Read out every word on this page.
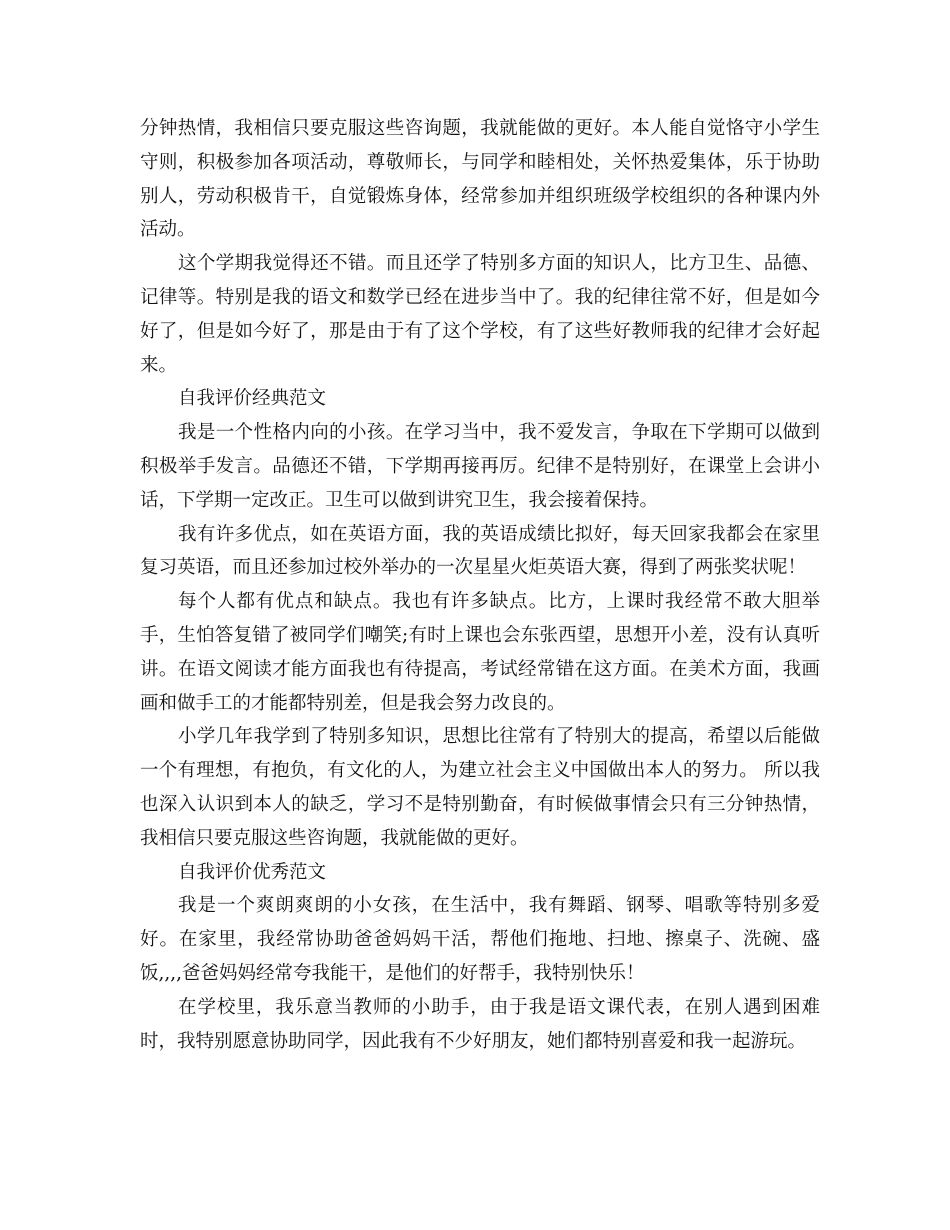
分钟热情，我相信只要克服这些咨询题，我就能做的更好。本人能自觉恪守小学生守则，积极参加各项活动，尊敬师长，与同学和睦相处，关怀热爱集体，乐于协助别人，劳动积极肯干，自觉锻炼身体，经常参加并组织班级学校组织的各种课内外活动。

这个学期我觉得还不错。而且还学了特别多方面的知识人，比方卫生、品德、记律等。特别是我的语文和数学已经在进步当中了。我的纪律往常不好，但是如今好了，但是如今好了，那是由于有了这个学校，有了这些好教师我的纪律才会好起来。

自我评价经典范文

我是一个性格内向的小孩。在学习当中，我不爱发言，争取在下学期可以做到积极举手发言。品德还不错，下学期再接再厉。纪律不是特别好，在课堂上会讲小话，下学期一定改正。卫生可以做到讲究卫生，我会接着保持。

我有许多优点，如在英语方面，我的英语成绩比拟好，每天回家我都会在家里复习英语，而且还参加过校外举办的一次星星火炬英语大赛，得到了两张奖状呢！

每个人都有优点和缺点。我也有许多缺点。比方，上课时我经常不敢大胆举手，生怕答复错了被同学们嘲笑;有时上课也会东张西望，思想开小差，没有认真听讲。在语文阅读才能方面我也有待提高，考试经常错在这方面。在美术方面，我画画和做手工的才能都特别差，但是我会努力改良的。

小学几年我学到了特别多知识，思想比往常有了特别大的提高，希望以后能做一个有理想，有抱负，有文化的人，为建立社会主义中国做出本人的努力。 所以我也深入认识到本人的缺乏，学习不是特别勤奋，有时候做事情会只有三分钟热情，我相信只要克服这些咨询题，我就能做的更好。

自我评价优秀范文

我是一个爽朗爽朗的小女孩，在生活中，我有舞蹈、钢琴、唱歌等特别多爱好。在家里，我经常协助爸爸妈妈干活，帮他们拖地、扫地、擦桌子、洗碗、盛饭,,,,爸爸妈妈经常夸我能干，是他们的好帮手，我特别快乐！

在学校里，我乐意当教师的小助手，由于我是语文课代表，在别人遇到困难时，我特别愿意协助同学，因此我有不少好朋友，她们都特别喜爱和我一起游玩。
